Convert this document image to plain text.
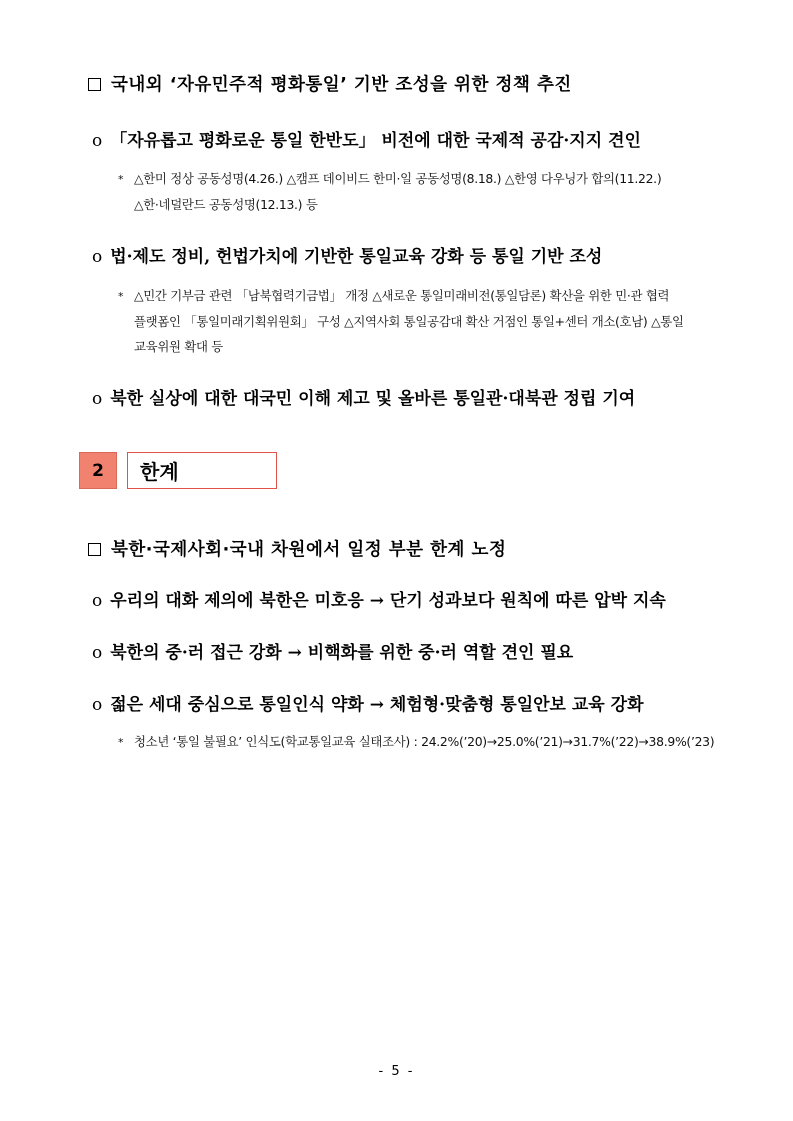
국내외 ‘자유민주적 평화통일’ 기반 조성을 위한 정책 추진
o 「자유롭고 평화로운 통일 한반도」 비전에 대한 국제적 공감·지지 견인
* △한미 정상 공동성명(4.26.) △캠프 데이비드 한미·일 공동성명(8.18.) △한영 다우닝가 합의(11.22.)
△한·네덜란드 공동성명(12.13.) 등
o 법·제도 정비, 헌법가치에 기반한 통일교육 강화 등 통일 기반 조성
* △민간 기부금 관련 「남북협력기금법」 개정 △새로운 통일미래비전(통일담론) 확산을 위한 민·관 협력
플랫폼인 「통일미래기획위원회」 구성 △지역사회 통일공감대 확산 거점인 통일+센터 개소(호남) △통일
교육위원 확대 등
o 북한 실상에 대한 대국민 이해 제고 및 올바른 통일관·대북관 정립 기여
2	한계
북한·국제사회·국내 차원에서 일정 부분 한계 노정
o 우리의 대화 제의에 북한은 미호응 → 단기 성과보다 원칙에 따른 압박 지속
o 북한의 중·러 접근 강화 → 비핵화를 위한 중·러 역할 견인 필요
o 젊은 세대 중심으로 통일인식 약화 → 체험형·맞춤형 통일안보 교육 강화
* 청소년 ‘통일 불필요’ 인식도(학교통일교육 실태조사) : 24.2%(’20)→25.0%(’21)→31.7%(’22)→38.9%(’23)
- 5 -
